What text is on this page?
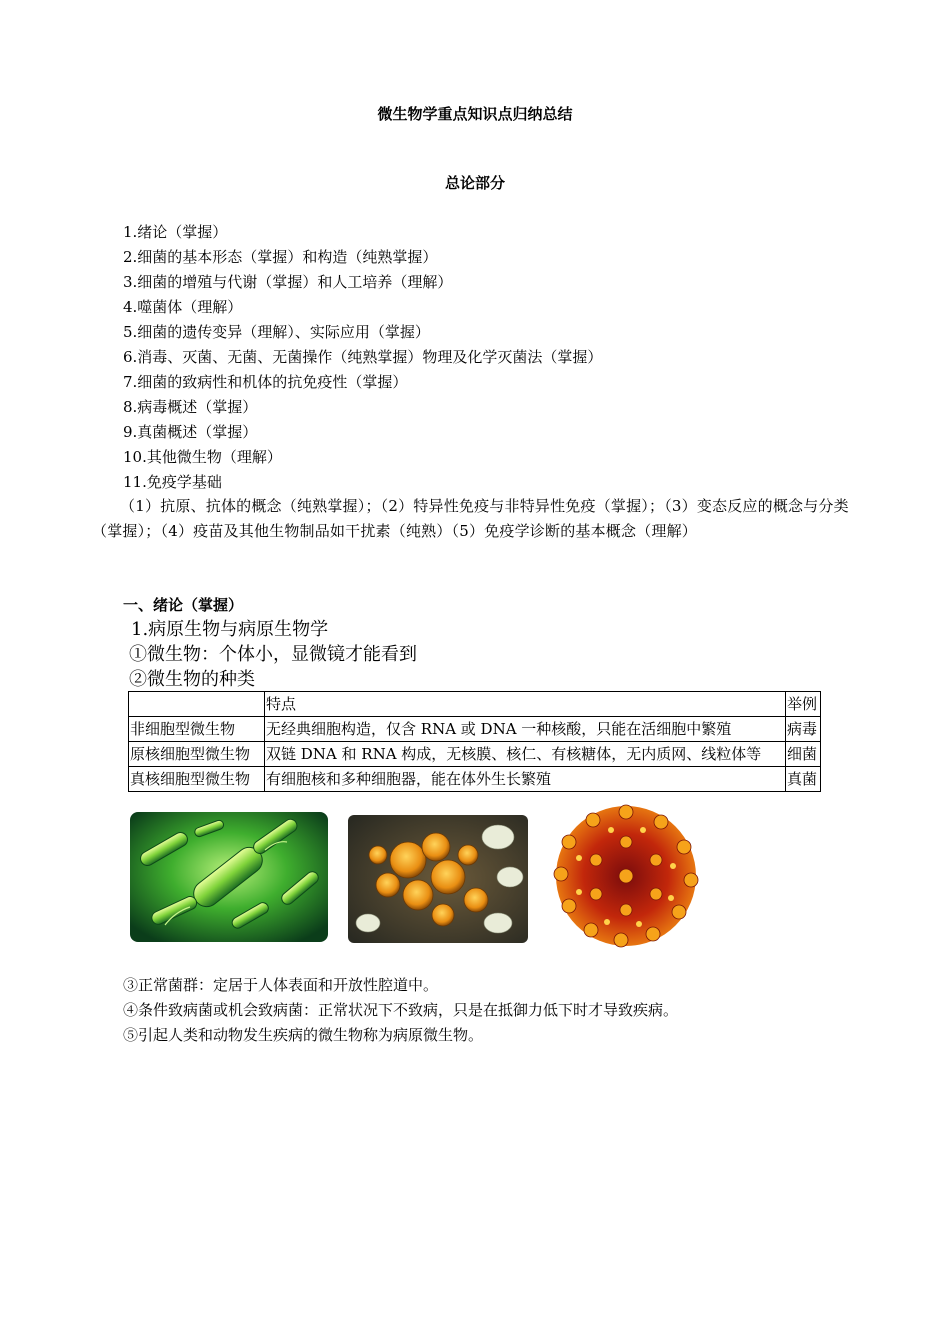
微生物学重点知识点归纳总结
总论部分
1.绪论（掌握）
2.细菌的基本形态（掌握）和构造（纯熟掌握）
3.细菌的增殖与代谢（掌握）和人工培养（理解）
4.噬菌体（理解）
5.细菌的遗传变异（理解）、实际应用（掌握）
6.消毒、灭菌、无菌、无菌操作（纯熟掌握）物理及化学灭菌法（掌握）
7.细菌的致病性和机体的抗免疫性（掌握）
8.病毒概述（掌握）
9.真菌概述（掌握）
10.其他微生物（理解）
11.免疫学基础
（1）抗原、抗体的概念（纯熟掌握）；（2）特异性免疫与非特异性免疫（掌握）；（3）变态反应的概念与分类（掌握）；（4）疫苗及其他生物制品如干扰素（纯熟）（5）免疫学诊断的基本概念（理解）
一、绪论（掌握）
1.病原生物与病原生物学
①微生物：个体小，显微镜才能看到
②微生物的种类
	特点	举例
非细胞型微生物	无经典细胞构造，仅含 RNA 或 DNA 一种核酸，只能在活细胞中繁殖	病毒
原核细胞型微生物	双链 DNA 和 RNA 构成，无核膜、核仁、有核糖体，无内质网、线粒体等	细菌
真核细胞型微生物	有细胞核和多种细胞器，能在体外生长繁殖	真菌
③正常菌群：定居于人体表面和开放性腔道中。
④条件致病菌或机会致病菌：正常状况下不致病，只是在抵御力低下时才导致疾病。
⑤引起人类和动物发生疾病的微生物称为病原微生物。
